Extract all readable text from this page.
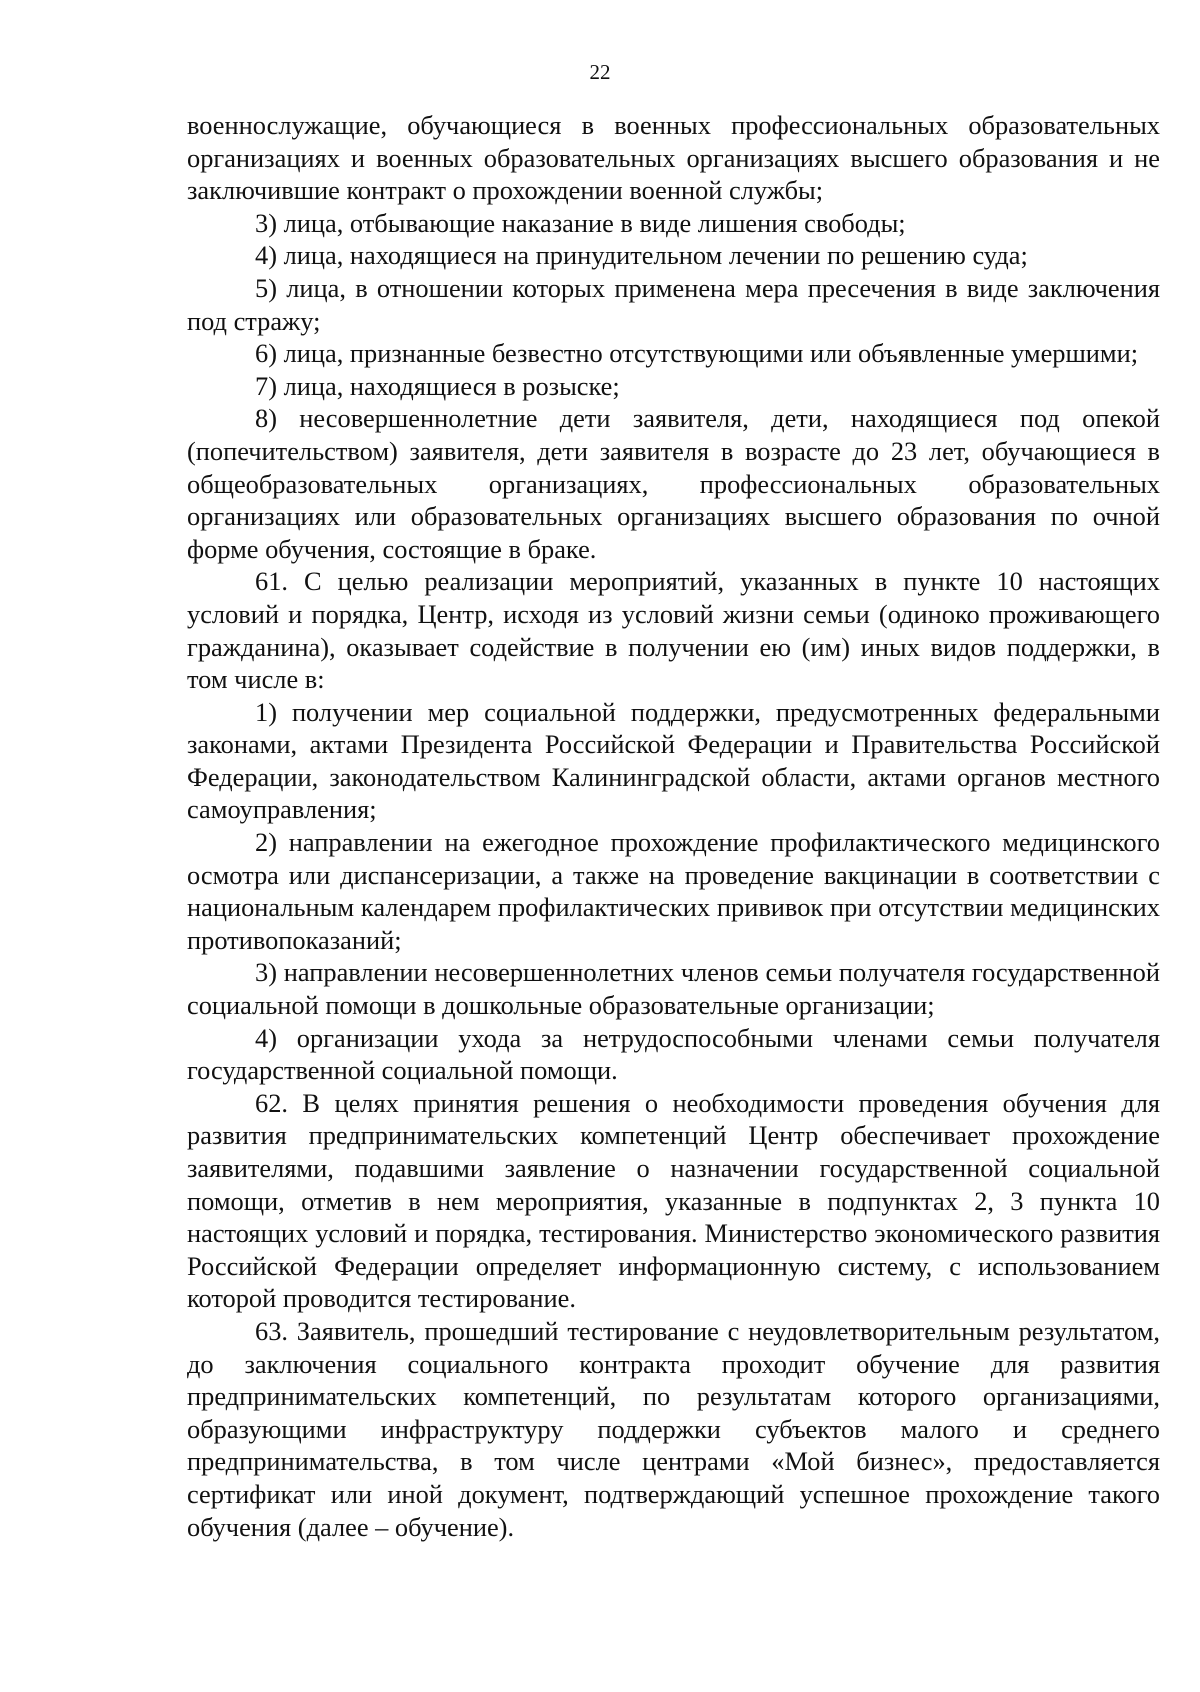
22

военнослужащие, обучающиеся в военных профессиональных образовательных организациях и военных образовательных организациях высшего образования и не заключившие контракт о прохождении военной службы;

3) лица, отбывающие наказание в виде лишения свободы;

4) лица, находящиеся на принудительном лечении по решению суда;

5) лица, в отношении которых применена мера пресечения в виде заключения под стражу;

6) лица, признанные безвестно отсутствующими или объявленные умершими;

7) лица, находящиеся в розыске;

8) несовершеннолетние дети заявителя, дети, находящиеся под опекой (попечительством) заявителя, дети заявителя в возрасте до 23 лет, обучающиеся в общеобразовательных организациях, профессиональных образовательных организациях или образовательных организациях высшего образования по очной форме обучения, состоящие в браке.

61. С целью реализации мероприятий, указанных в пункте 10 настоящих условий и порядка, Центр, исходя из условий жизни семьи (одиноко проживающего гражданина), оказывает содействие в получении ею (им) иных видов поддержки, в том числе в:

1) получении мер социальной поддержки, предусмотренных федеральными законами, актами Президента Российской Федерации и Правительства Российской Федерации, законодательством Калининградской области, актами органов местного самоуправления;

2) направлении на ежегодное прохождение профилактического медицинского осмотра или диспансеризации, а также на проведение вакцинации в соответствии с национальным календарем профилактических прививок при отсутствии медицинских противопоказаний;

3) направлении несовершеннолетних членов семьи получателя государственной социальной помощи в дошкольные образовательные организации;

4) организации ухода за нетрудоспособными членами семьи получателя государственной социальной помощи.

62. В целях принятия решения о необходимости проведения обучения для развития предпринимательских компетенций Центр обеспечивает прохождение заявителями, подавшими заявление о назначении государственной социальной помощи, отметив в нем мероприятия, указанные в подпунктах 2, 3 пункта 10 настоящих условий и порядка, тестирования. Министерство экономического развития Российской Федерации определяет информационную систему, с использованием которой проводится тестирование.

63. Заявитель, прошедший тестирование с неудовлетворительным результатом, до заключения социального контракта проходит обучение для развития предпринимательских компетенций, по результатам которого организациями, образующими инфраструктуру поддержки субъектов малого и среднего предпринимательства, в том числе центрами «Мой бизнес», предоставляется сертификат или иной документ, подтверждающий успешное прохождение такого обучения (далее – обучение).
